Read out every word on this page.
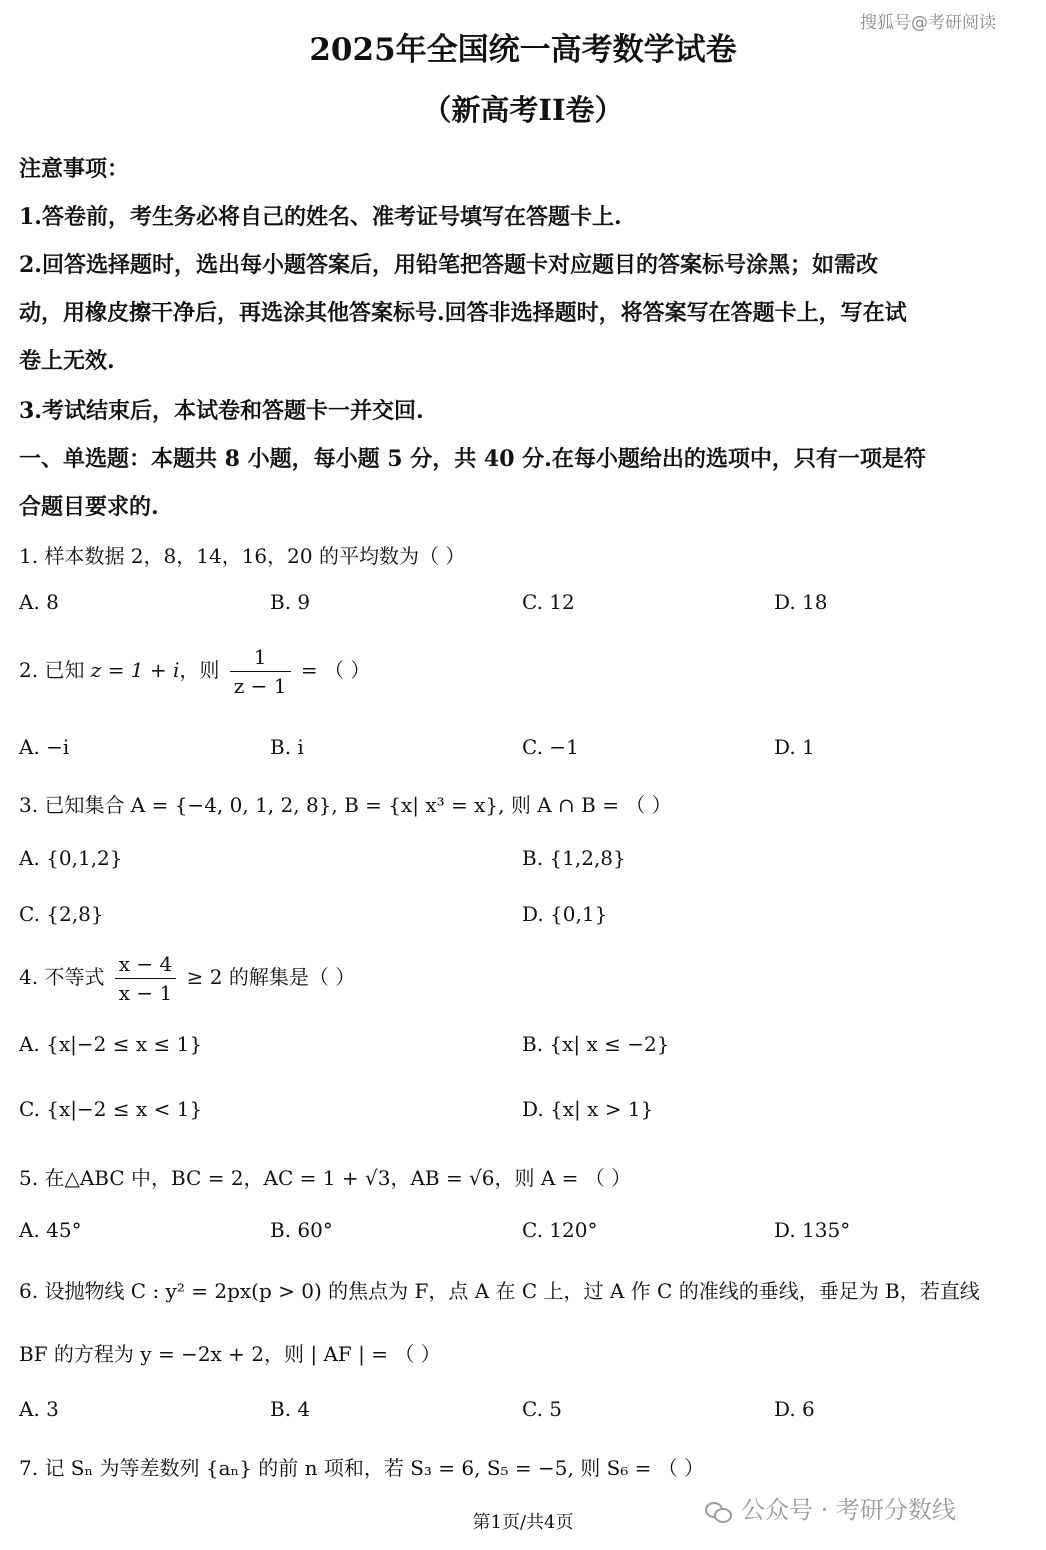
搜狐号@考研阅读
2025年全国统一高考数学试卷
（新高考II卷）
注意事项：
1.答卷前，考生务必将自己的姓名、准考证号填写在答题卡上.
2.回答选择题时，选出每小题答案后，用铅笔把答题卡对应题目的答案标号涂黑；如需改
动，用橡皮擦干净后，再选涂其他答案标号.回答非选择题时，将答案写在答题卡上，写在试
卷上无效.
3.考试结束后，本试卷和答题卡一并交回.
一、单选题：本题共 8 小题，每小题 5 分，共 40 分.在每小题给出的选项中，只有一项是符
合题目要求的.
1. 样本数据 2，8，14，16，20 的平均数为（ ）
A. 8	B. 9	C. 12	D. 18
2. 已知 z = 1 + i，则 $\frac{1}{z - 1}$ = （ ）
A. −i	B. i	C. −1	D. 1
3. 已知集合 A = {−4, 0, 1, 2, 8}, B = {x| x³ = x}, 则 A ∩ B = （ ）
A. {0,1,2}	B. {1,2,8}
C. {2,8}	D. {0,1}
4. 不等式 $\frac{x - 4}{x - 1} \ge 2$ 的解集是（ ）
A. {x|−2 ≤ x ≤ 1}	B. {x| x ≤ −2}
C. {x|−2 ≤ x < 1}	D. {x| x > 1}
5. 在△ABC 中，BC = 2，AC = 1 + √3，AB = √6，则 A = （ ）
A. 45°	B. 60°	C. 120°	D. 135°
6. 设抛物线 C : y² = 2px(p > 0) 的焦点为 F，点 A 在 C 上，过 A 作 C 的准线的垂线，垂足为 B，若直线
BF 的方程为 y = −2x + 2，则 | AF | = （ ）
A. 3	B. 4	C. 5	D. 6
7. 记 Sₙ 为等差数列 {aₙ} 的前 n 项和，若 S₃ = 6, S₅ = −5, 则 S₆ = （ ）
公众号 · 考研分数线
第1页/共4页
